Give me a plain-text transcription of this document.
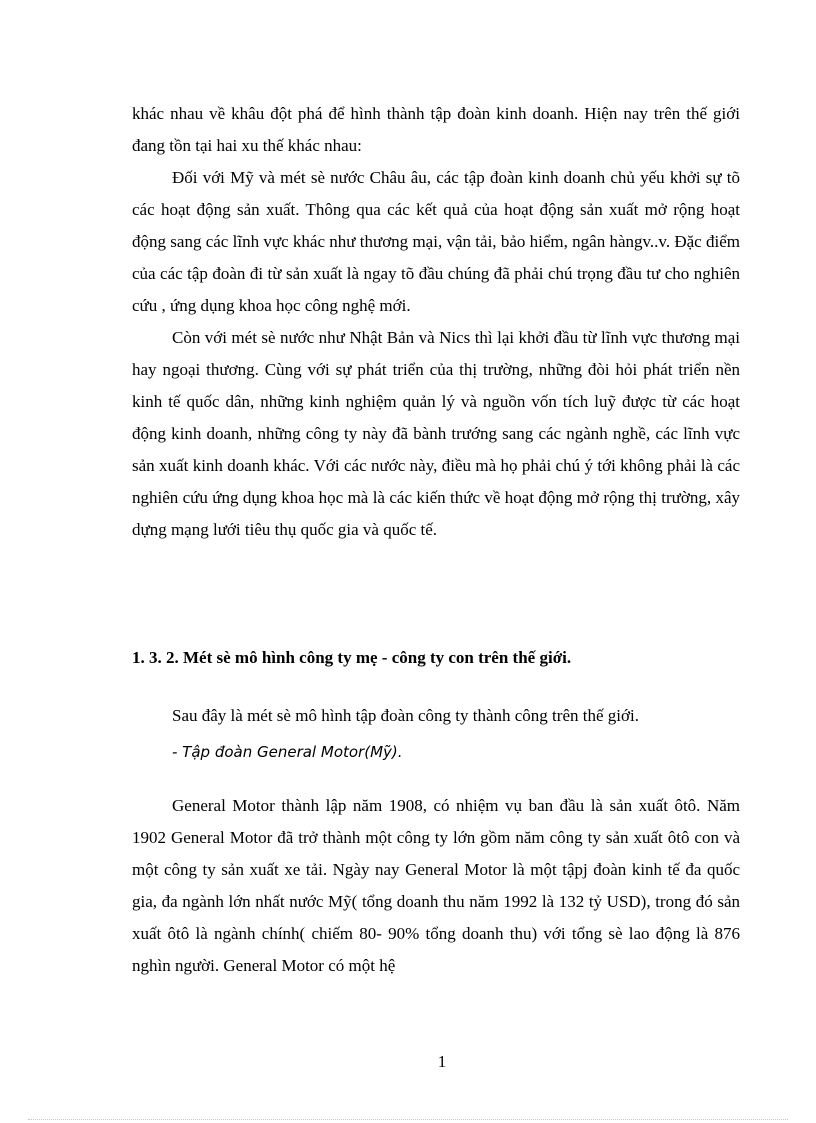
khác nhau về khâu đột phá để hình thành tập đoàn kinh doanh. Hiện nay trên thế giới đang tồn tại hai xu thế khác nhau:

Đối với Mỹ và mét sè nước Châu âu, các tập đoàn kinh doanh chủ yếu khởi sự tõ các hoạt động sản xuất. Thông qua các kết quả của hoạt động sản xuất mở rộng hoạt động sang các lĩnh vực khác như thương mại, vận tải, bảo hiểm, ngân hàngv..v. Đặc điểm của các tập đoàn đi từ sản xuất là ngay tõ đầu chúng đã phải chú trọng đầu tư cho nghiên cứu , ứng dụng khoa học công nghệ mới.

Còn với mét sè nước như Nhật Bản và Nics thì lại khởi đầu từ lĩnh vực thương mại hay ngoại thương. Cùng với sự phát triển của thị trường, những đòi hỏi phát triển nền kinh tế quốc dân, những kinh nghiệm quản lý và nguồn vốn tích luỹ được từ các hoạt động kinh doanh, những công ty này đã bành trướng sang các ngành nghề, các lĩnh vực sản xuất kinh doanh khác. Với các nước này, điều mà họ phải chú ý tới không phải là các nghiên cứu ứng dụng khoa học mà là các kiến thức về hoạt động mở rộng thị trường, xây dựng mạng lưới tiêu thụ quốc gia và quốc tế.

1. 3. 2. Mét sè mô hình công ty mẹ - công ty con trên thế giới.

Sau đây là mét sè mô hình tập đoàn công ty thành công trên thế giới.

- Tập đoàn General Motor(Mỹ).

General Motor thành lập năm 1908, có nhiệm vụ ban đầu là sản xuất ôtô. Năm 1902 General Motor đã trở thành một công ty lớn gồm năm công ty sản xuất ôtô con và một công ty sản xuất xe tải. Ngày nay General Motor là một tậpj đoàn kinh tế đa quốc gia, đa ngành lớn nhất nước Mỹ( tổng doanh thu năm 1992 là 132 tỷ USD), trong đó sản xuất ôtô là ngành chính( chiếm 80- 90% tổng doanh thu) với tổng sè lao động là 876 nghìn người. General Motor có một hệ

1
